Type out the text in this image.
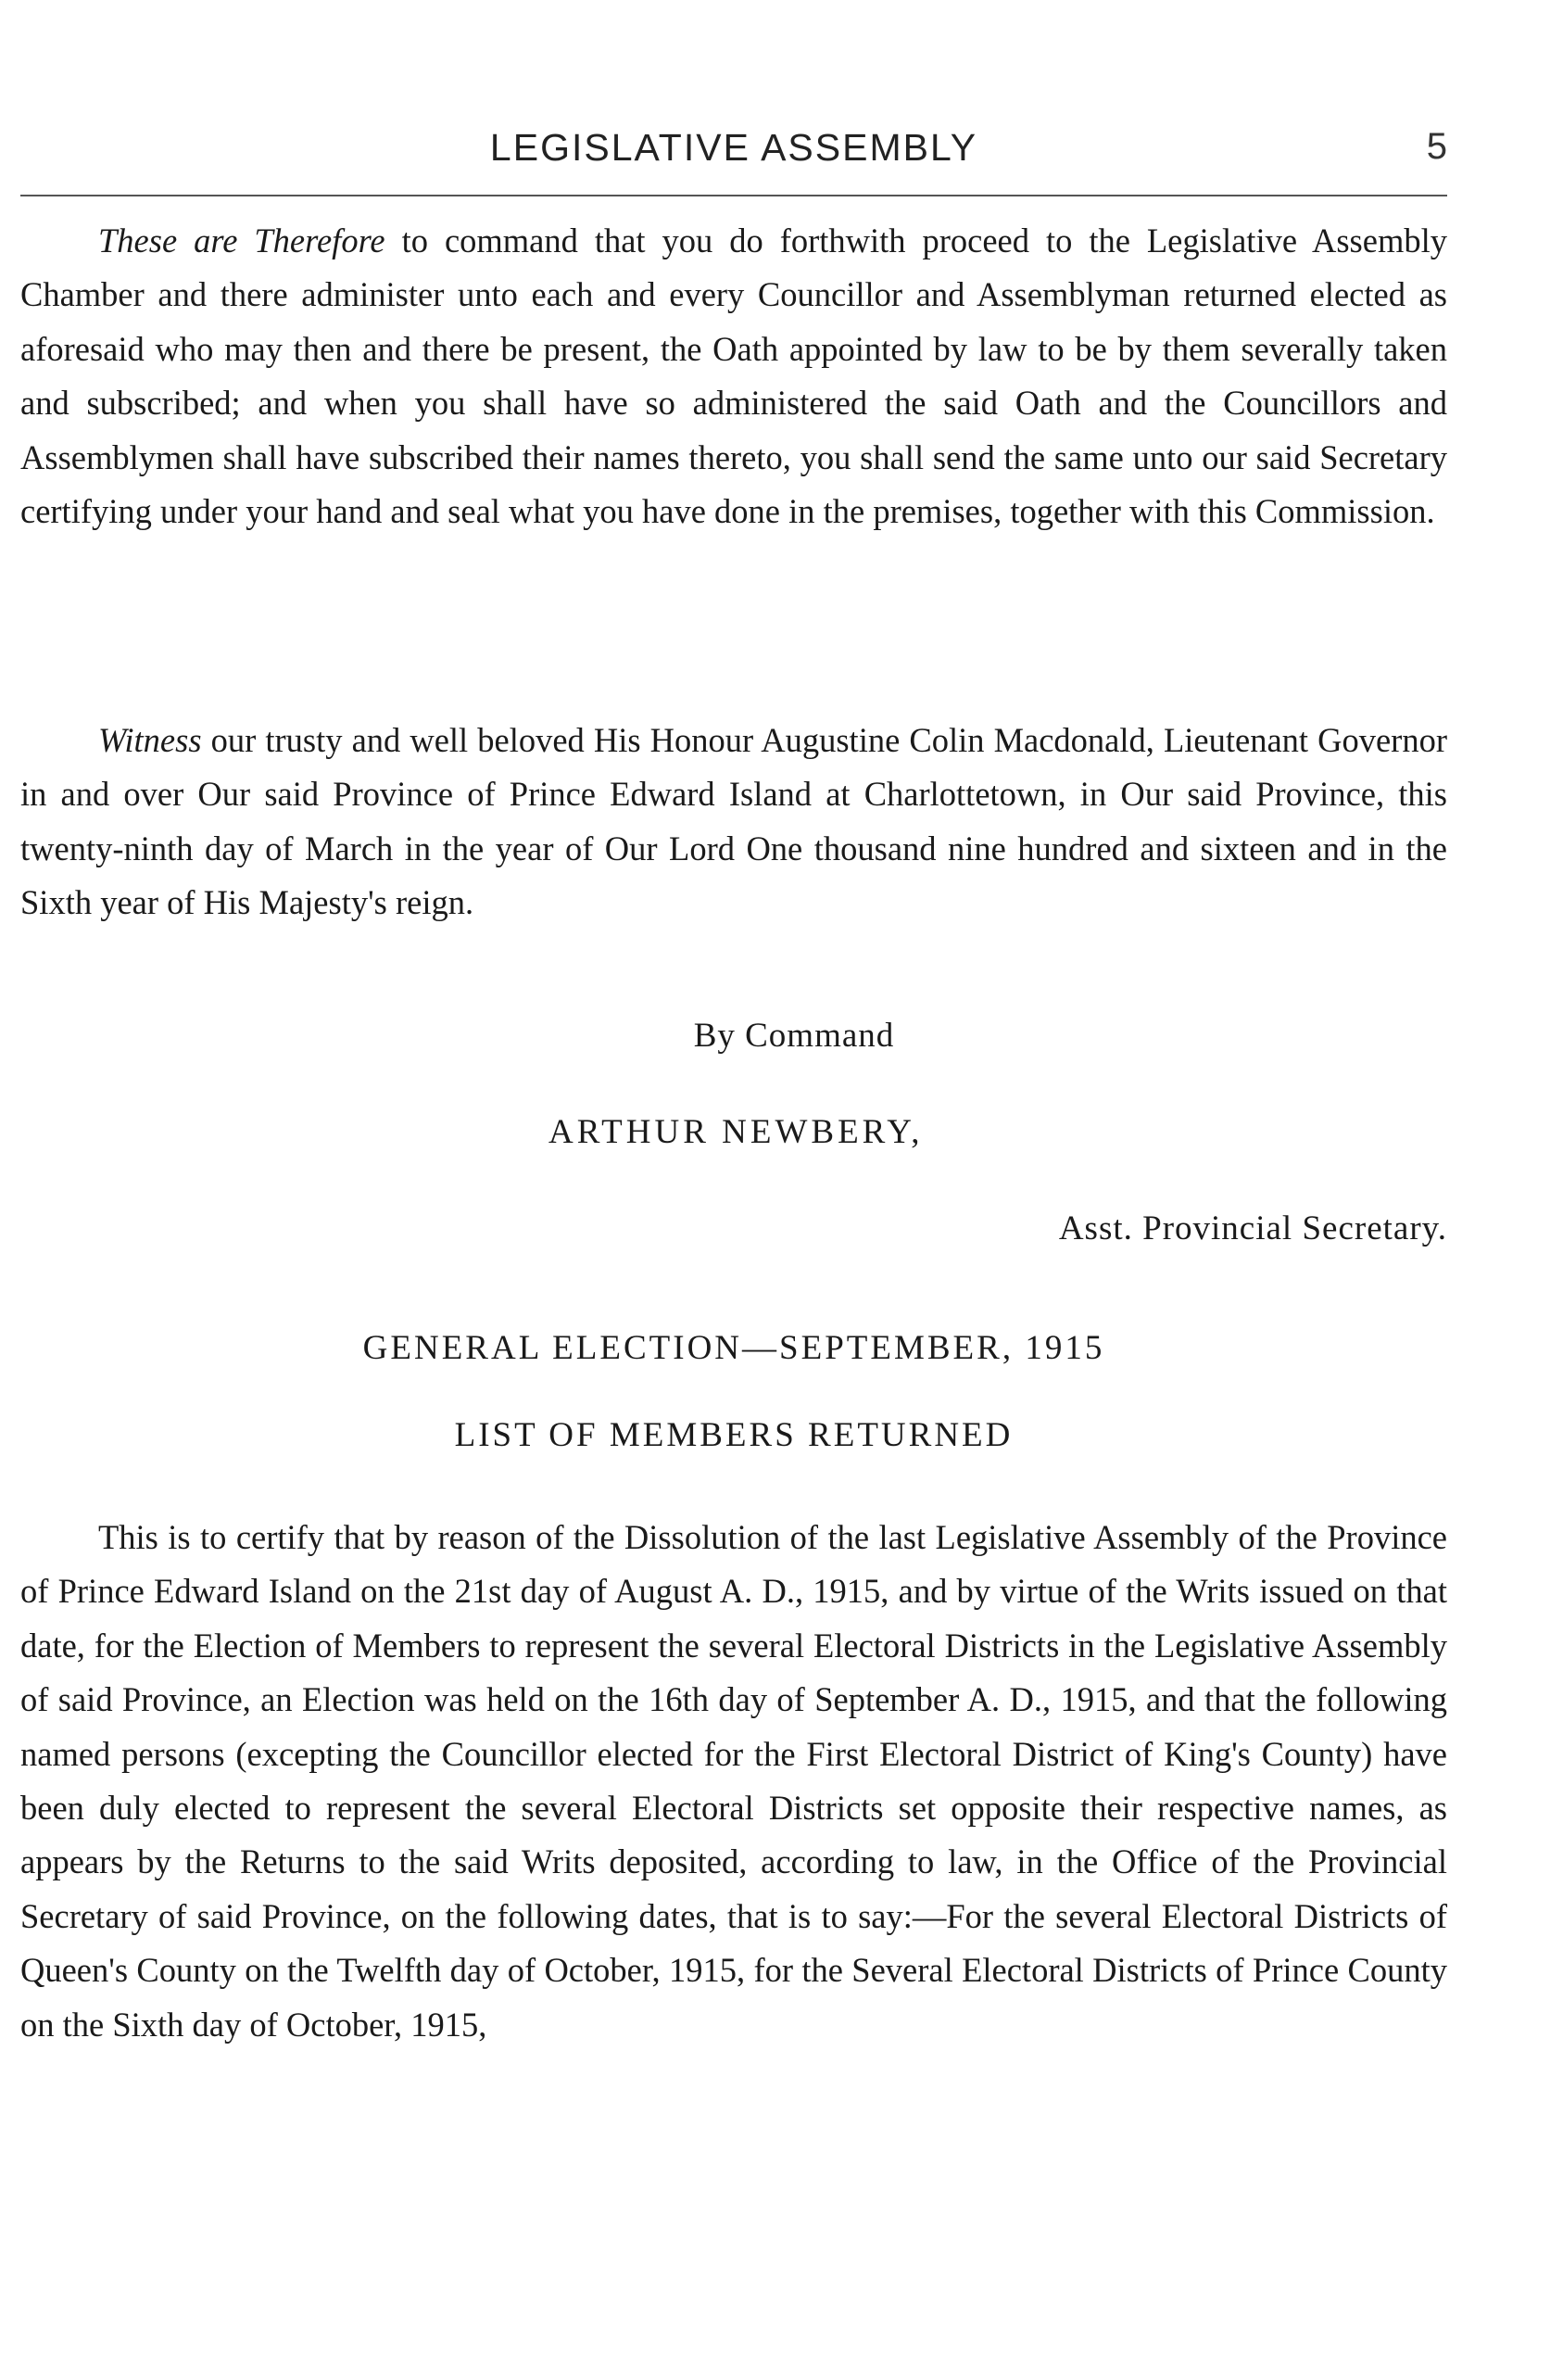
LEGISLATIVE ASSEMBLY	5

These are Therefore to command that you do forthwith proceed to the Legislative Assembly Chamber and there administer unto each and every Councillor and Assemblyman returned elected as aforesaid who may then and there be present, the Oath appointed by law to be by them severally taken and subscribed; and when you shall have so administered the said Oath and the Councillors and Assemblymen shall have subscribed their names thereto, you shall send the same unto our said Secretary certifying under your hand and seal what you have done in the premises, together with this Commission.

Witness our trusty and well beloved His Honour Augustine Colin Macdonald, Lieutenant Governor in and over Our said Province of Prince Edward Island at Charlottetown, in Our said Province, this twenty-ninth day of March in the year of Our Lord One thousand nine hundred and sixteen and in the Sixth year of His Majesty's reign.

By Command
ARTHUR NEWBERY,
Asst. Provincial Secretary.
GENERAL ELECTION—SEPTEMBER, 1915
LIST OF MEMBERS RETURNED

This is to certify that by reason of the Dissolution of the last Legislative Assembly of the Province of Prince Edward Island on the 21st day of August A. D., 1915, and by virtue of the Writs issued on that date, for the Election of Members to represent the several Electoral Districts in the Legislative Assembly of said Province, an Election was held on the 16th day of September A. D., 1915, and that the following named persons (excepting the Councillor elected for the First Electoral District of King's County) have been duly elected to represent the several Electoral Districts set opposite their respective names, as appears by the Returns to the said Writs deposited, according to law, in the Office of the Provincial Secretary of said Province, on the following dates, that is to say:—For the several Electoral Districts of Queen's County on the Twelfth day of October, 1915, for the Several Electoral Districts of Prince County on the Sixth day of October, 1915,
